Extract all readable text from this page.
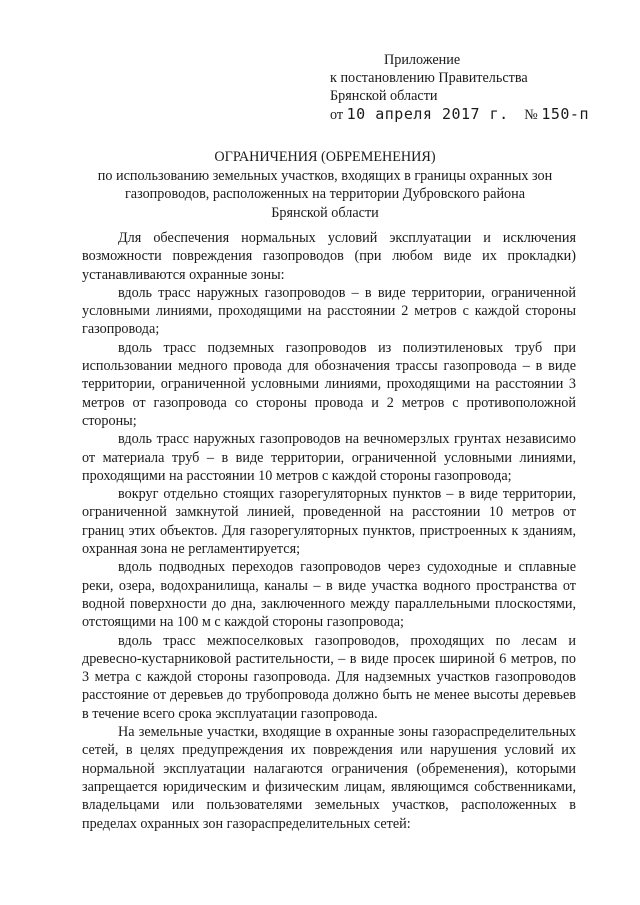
Приложение
к постановлению Правительства
Брянской области
от 10 апреля 2017 г. № 150-п
ОГРАНИЧЕНИЯ (ОБРЕМЕНЕНИЯ)
по использованию земельных участков, входящих в границы охранных зон
газопроводов, расположенных на территории Дубровского района
Брянской области

Для обеспечения нормальных условий эксплуатации и исключения возможности повреждения газопроводов (при любом виде их прокладки) устанавливаются охранные зоны:

вдоль трасс наружных газопроводов – в виде территории, ограниченной условными линиями, проходящими на расстоянии 2 метров с каждой стороны газопровода;

вдоль трасс подземных газопроводов из полиэтиленовых труб при использовании медного провода для обозначения трассы газопровода – в виде территории, ограниченной условными линиями, проходящими на расстоянии 3 метров от газопровода со стороны провода и 2 метров с противоположной стороны;

вдоль трасс наружных газопроводов на вечномерзлых грунтах независимо от материала труб – в виде территории, ограниченной условными линиями, проходящими на расстоянии 10 метров с каждой стороны газопровода;

вокруг отдельно стоящих газорегуляторных пунктов – в виде территории, ограниченной замкнутой линией, проведенной на расстоянии 10 метров от границ этих объектов. Для газорегуляторных пунктов, пристроенных к зданиям, охранная зона не регламентируется;

вдоль подводных переходов газопроводов через судоходные и сплавные реки, озера, водохранилища, каналы – в виде участка водного пространства от водной поверхности до дна, заключенного между параллельными плоскостями, отстоящими на 100 м с каждой стороны газопровода;

вдоль трасс межпоселковых газопроводов, проходящих по лесам и древесно-кустарниковой растительности, – в виде просек шириной 6 метров, по 3 метра с каждой стороны газопровода. Для надземных участков газопроводов расстояние от деревьев до трубопровода должно быть не менее высоты деревьев в течение всего срока эксплуатации газопровода.

На земельные участки, входящие в охранные зоны газораспределительных сетей, в целях предупреждения их повреждения или нарушения условий их нормальной эксплуатации налагаются ограничения (обременения), которыми запрещается юридическим и физическим лицам, являющимся собственниками, владельцами или пользователями земельных участков, расположенных в пределах охранных зон газораспределительных сетей:
